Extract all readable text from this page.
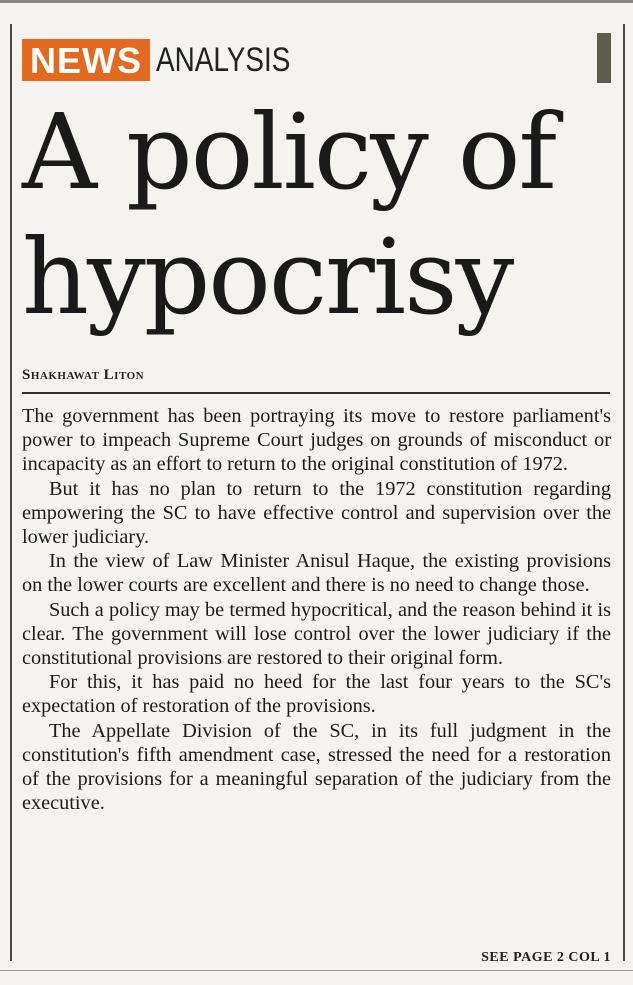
NEWS ANALYSIS
A policy of
hypocrisy
Shakhawat Liton

The government has been portraying its move to restore parliament's power to impeach Supreme Court judges on grounds of misconduct or incapacity as an effort to return to the original constitution of 1972.

But it has no plan to return to the 1972 constitution regarding empowering the SC to have effective control and supervision over the lower judiciary.

In the view of Law Minister Anisul Haque, the existing provisions on the lower courts are excellent and there is no need to change those.

Such a policy may be termed hypocritical, and the reason behind it is clear. The government will lose control over the lower judiciary if the constitutional provisions are restored to their original form.

For this, it has paid no heed for the last four years to the SC's expectation of restoration of the provisions.

The Appellate Division of the SC, in its full judgment in the constitution's fifth amendment case, stressed the need for a restoration of the provisions for a meaningful separation of the judiciary from the executive.

SEE PAGE 2 COL 1
